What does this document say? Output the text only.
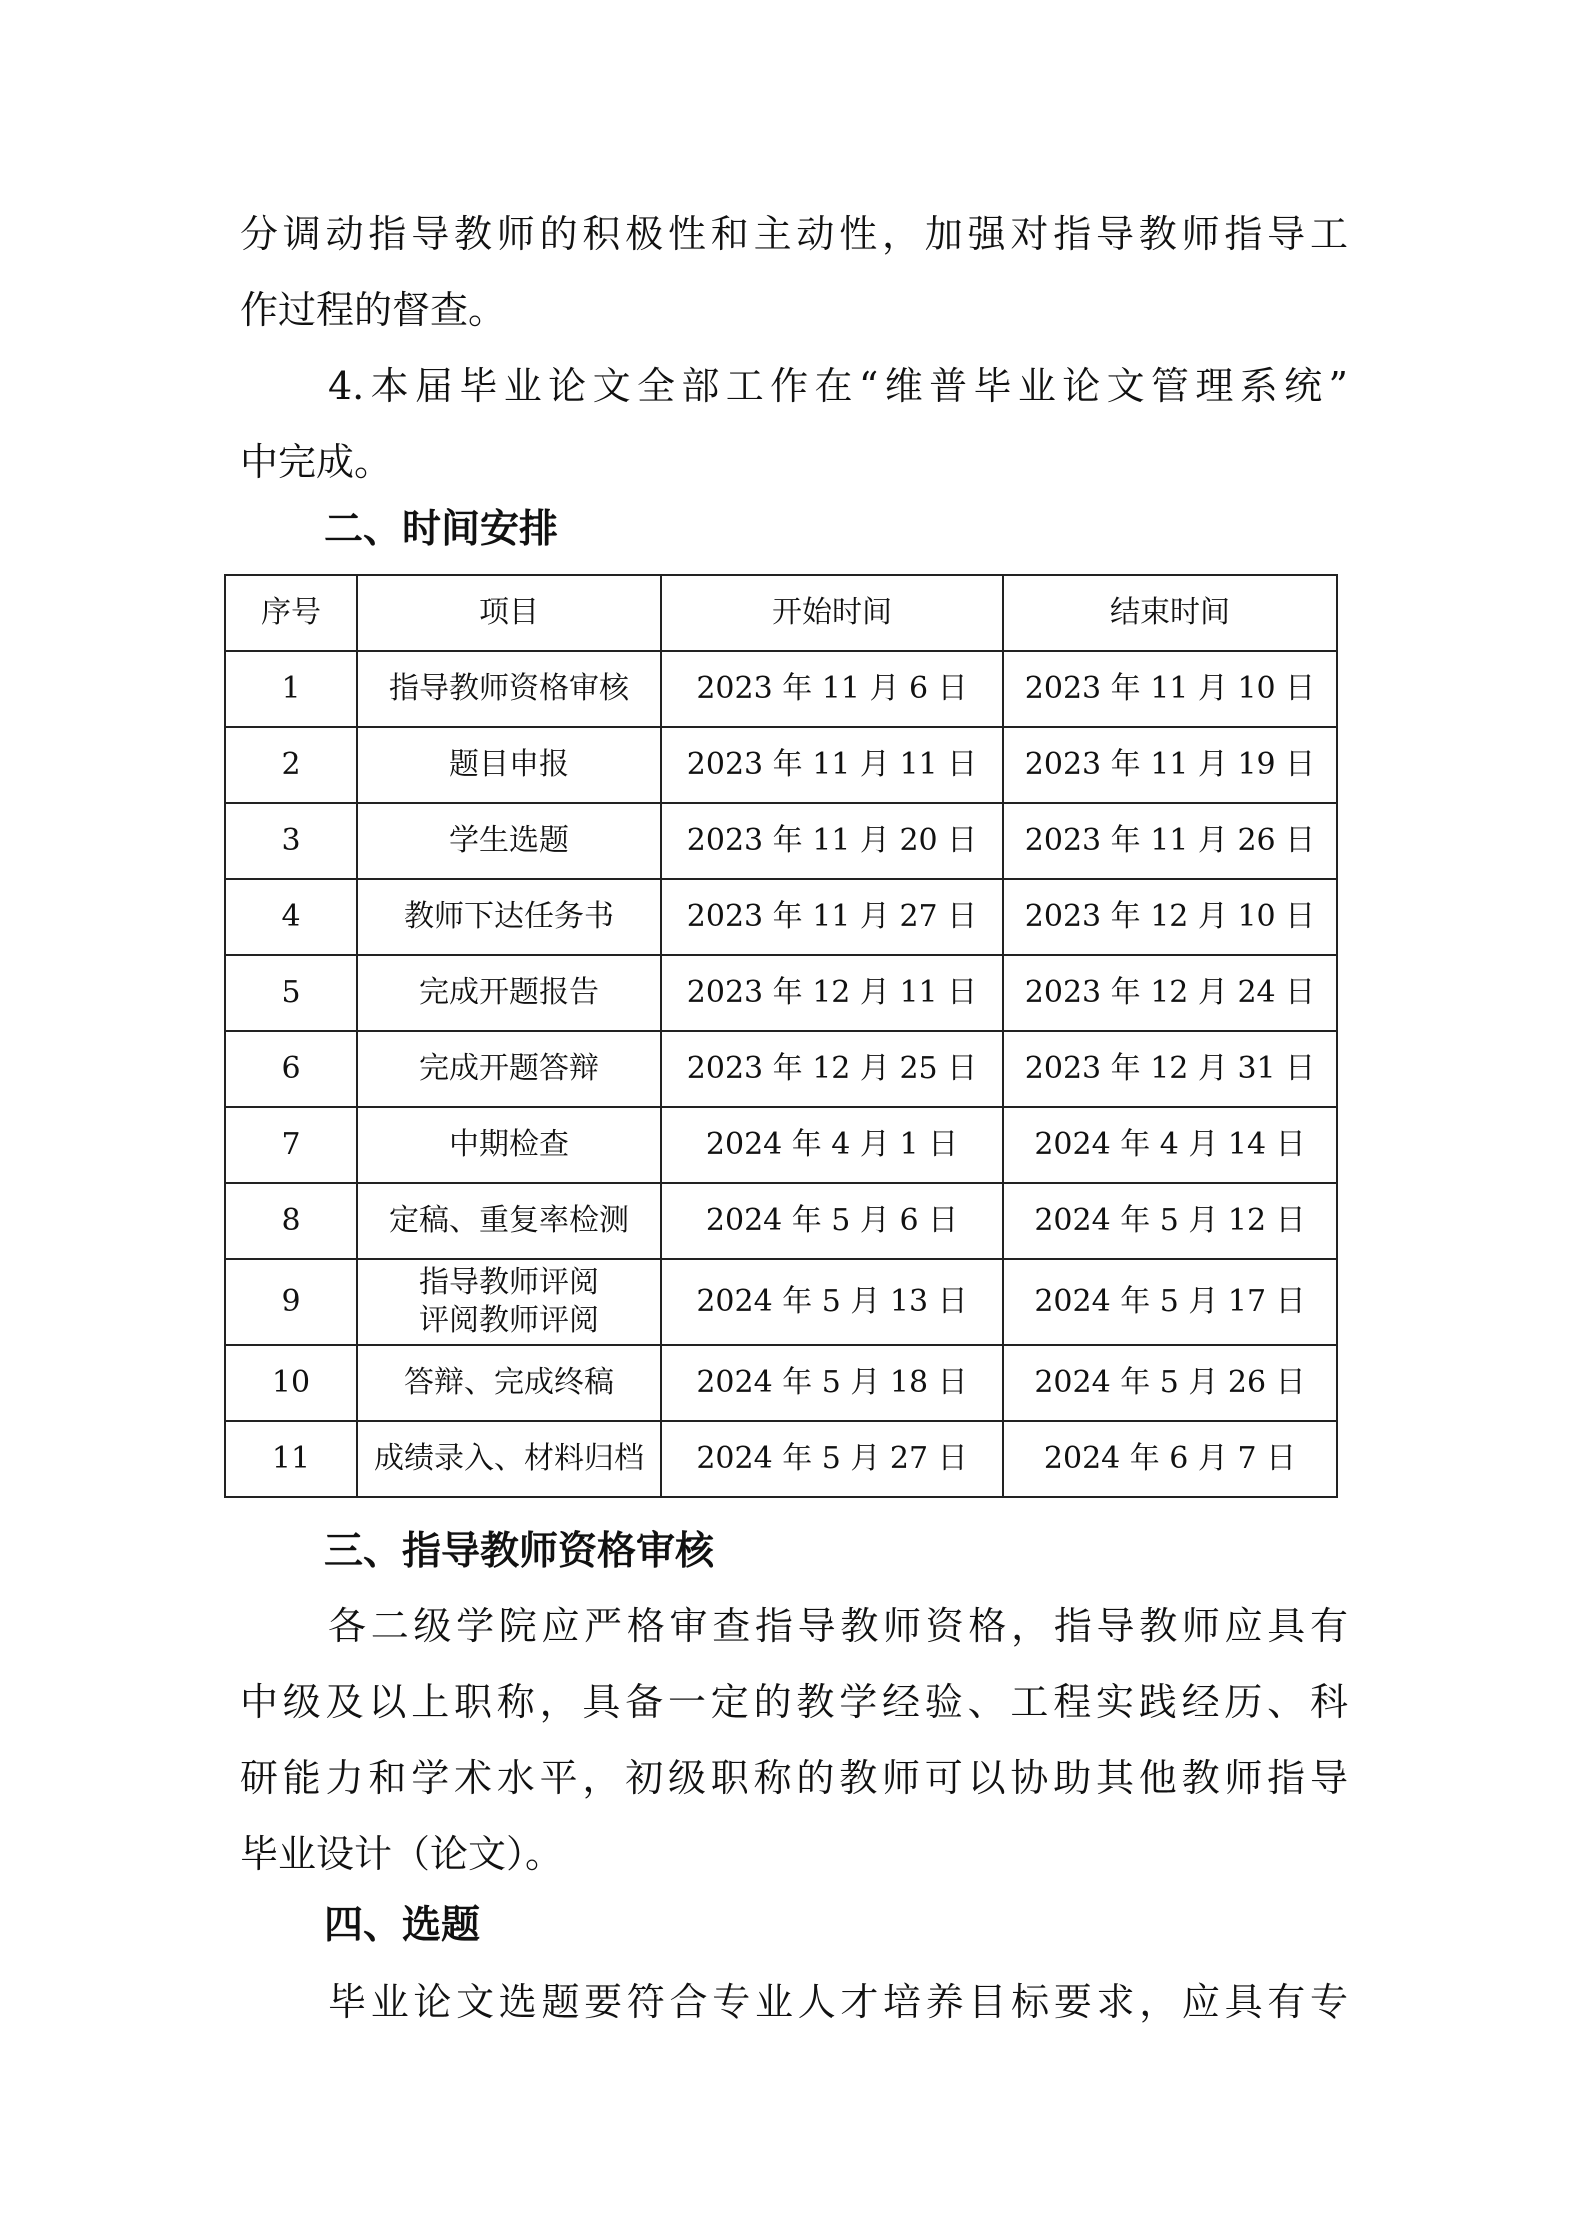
分调动指导教师的积极性和主动性，加强对指导教师指导工
作过程的督查。
4.本届毕业论文全部工作在“维普毕业论文管理系统”
中完成。
二、时间安排
序号	项目	开始时间	结束时间
1	指导教师资格审核	2023 年 11 月 6 日	2023 年 11 月 10 日
2	题目申报	2023 年 11 月 11 日	2023 年 11 月 19 日
3	学生选题	2023 年 11 月 20 日	2023 年 11 月 26 日
4	教师下达任务书	2023 年 11 月 27 日	2023 年 12 月 10 日
5	完成开题报告	2023 年 12 月 11 日	2023 年 12 月 24 日
6	完成开题答辩	2023 年 12 月 25 日	2023 年 12 月 31 日
7	中期检查	2024 年 4 月 1 日	2024 年 4 月 14 日
8	定稿、重复率检测	2024 年 5 月 6 日	2024 年 5 月 12 日
9	指导教师评阅
评阅教师评阅	2024 年 5 月 13 日	2024 年 5 月 17 日
10	答辩、完成终稿	2024 年 5 月 18 日	2024 年 5 月 26 日
11	成绩录入、材料归档	2024 年 5 月 27 日	2024 年 6 月 7 日
三、指导教师资格审核
各二级学院应严格审查指导教师资格，指导教师应具有
中级及以上职称，具备一定的教学经验、工程实践经历、科
研能力和学术水平，初级职称的教师可以协助其他教师指导
毕业设计（论文）。
四、选题
毕业论文选题要符合专业人才培养目标要求，应具有专
